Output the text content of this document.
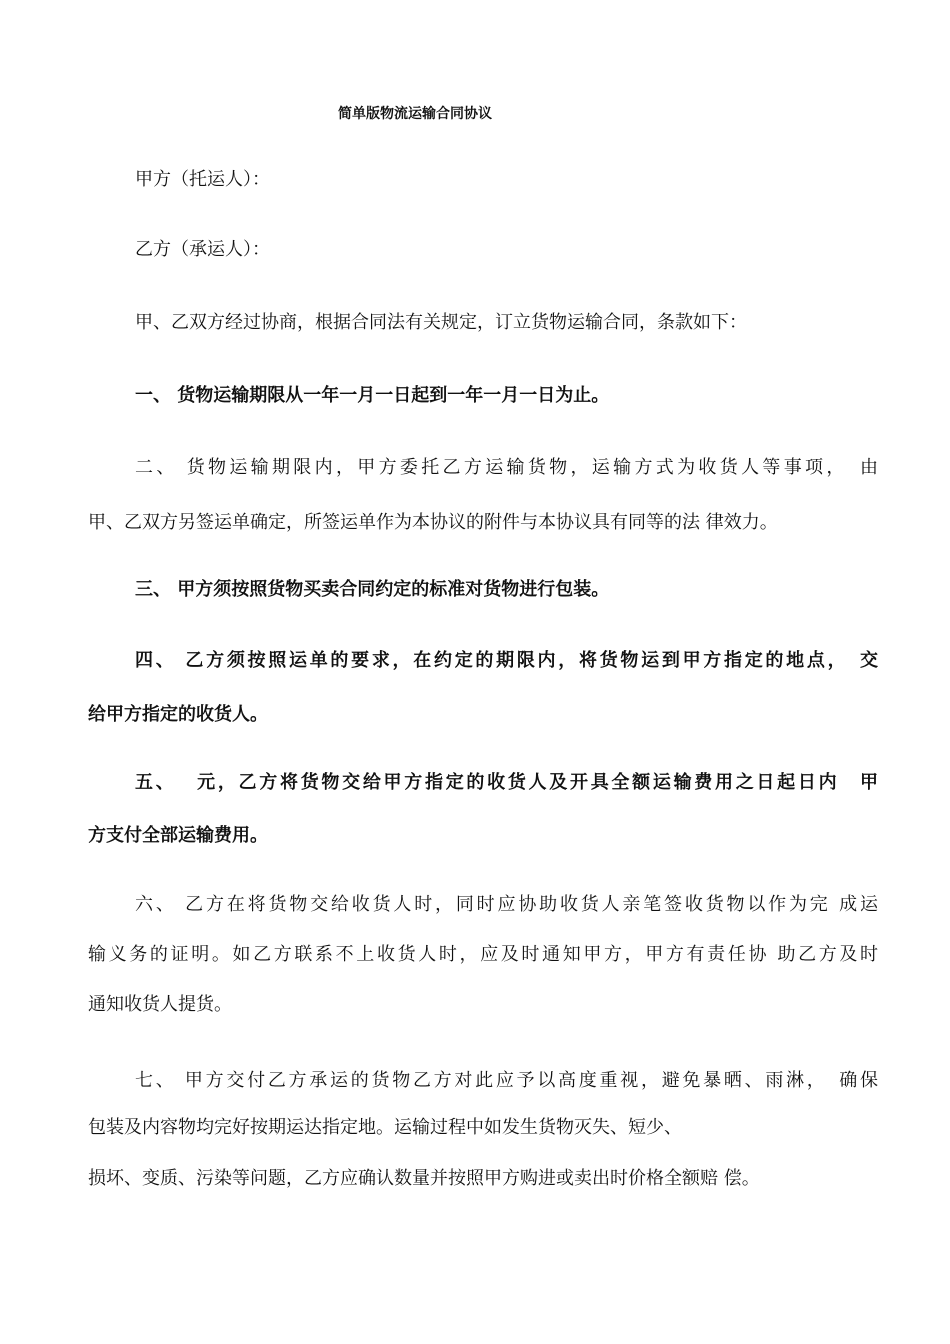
简单版物流运输合同协议
甲方（托运人）：
乙方（承运人）：
甲、乙双方经过协商，根据合同法有关规定，订立货物运输合同，条款如下：
一、 货物运输期限从一年一月一日起到一年一月一日为止。
二、 货物运输期限内，甲方委托乙方运输货物，运输方式为收货人等事项，　由
甲、乙双方另签运单确定，所签运单作为本协议的附件与本协议具有同等的法 律效力。
三、 甲方须按照货物买卖合同约定的标准对货物进行包装。
四、 乙方须按照运单的要求，在约定的期限内，将货物运到甲方指定的地点，　交
给甲方指定的收货人。
五、　 元，乙方将货物交给甲方指定的收货人及开具全额运输费用之日起日内　甲
方支付全部运输费用。
六、 乙方在将货物交给收货人时，同时应协助收货人亲笔签收货物以作为完 成运
输义务的证明。如乙方联系不上收货人时，应及时通知甲方，甲方有责任协 助乙方及时
通知收货人提货。
七、 甲方交付乙方承运的货物乙方对此应予以高度重视，避免暴晒、雨淋，　确保
包装及内容物均完好按期运达指定地。运输过程中如发生货物灭失、短少、
损坏、变质、污染等问题，乙方应确认数量并按照甲方购进或卖出时价格全额赔 偿。
